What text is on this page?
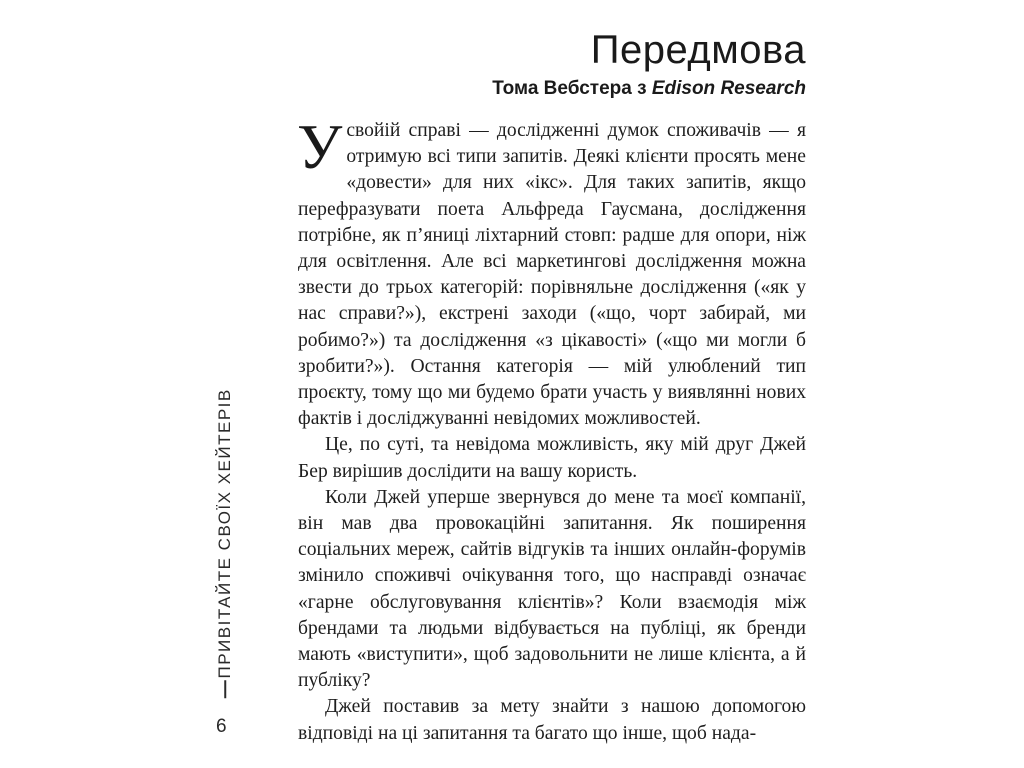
Передмова

Тома Вебстера з Edison Research

Усвойій справі — дослідженні думок споживачів — я отримую всі типи запитів. Деякі клієнти просять мене «довести» для них «ікс». Для таких запитів, якщо перефразувати поета Альфреда Гаусмана, дослідження потрібне, як п’яниці ліхтарний стовп: радше для опори, ніж для освітлення. Але всі маркетингові дослідження можна звести до трьох категорій: порівняльне дослідження («як у нас справи?»), екстрені заходи («що, чорт забирай, ми робимо?») та дослідження «з цікавості» («що ми могли б зробити?»). Остання категорія — мій улюблений тип проєкту, тому що ми будемо брати участь у виявлянні нових фактів і досліджуванні невідомих можливостей.

Це, по суті, та невідома можливість, яку мій друг Джей Бер вирішив дослідити на вашу користь.

Коли Джей уперше звернувся до мене та моєї компанії, він мав два провокаційні запитання. Як поширення соціальних мереж, сайтів відгуків та інших онлайн-форумів змінило споживчі очікування того, що насправді означає «гарне обслуговування клієнтів»? Коли взаємодія між брендами та людьми відбувається на публіці, як бренди мають «виступити», щоб задовольнити не лише клієнта, а й публіку?

Джей поставив за мету знайти з нашою допомогою відповіді на ці запитання та багато що інше, щоб нада-

ПРИВІТАЙТЕ СВОЇХ ХЕЙТЕРІВ
6
